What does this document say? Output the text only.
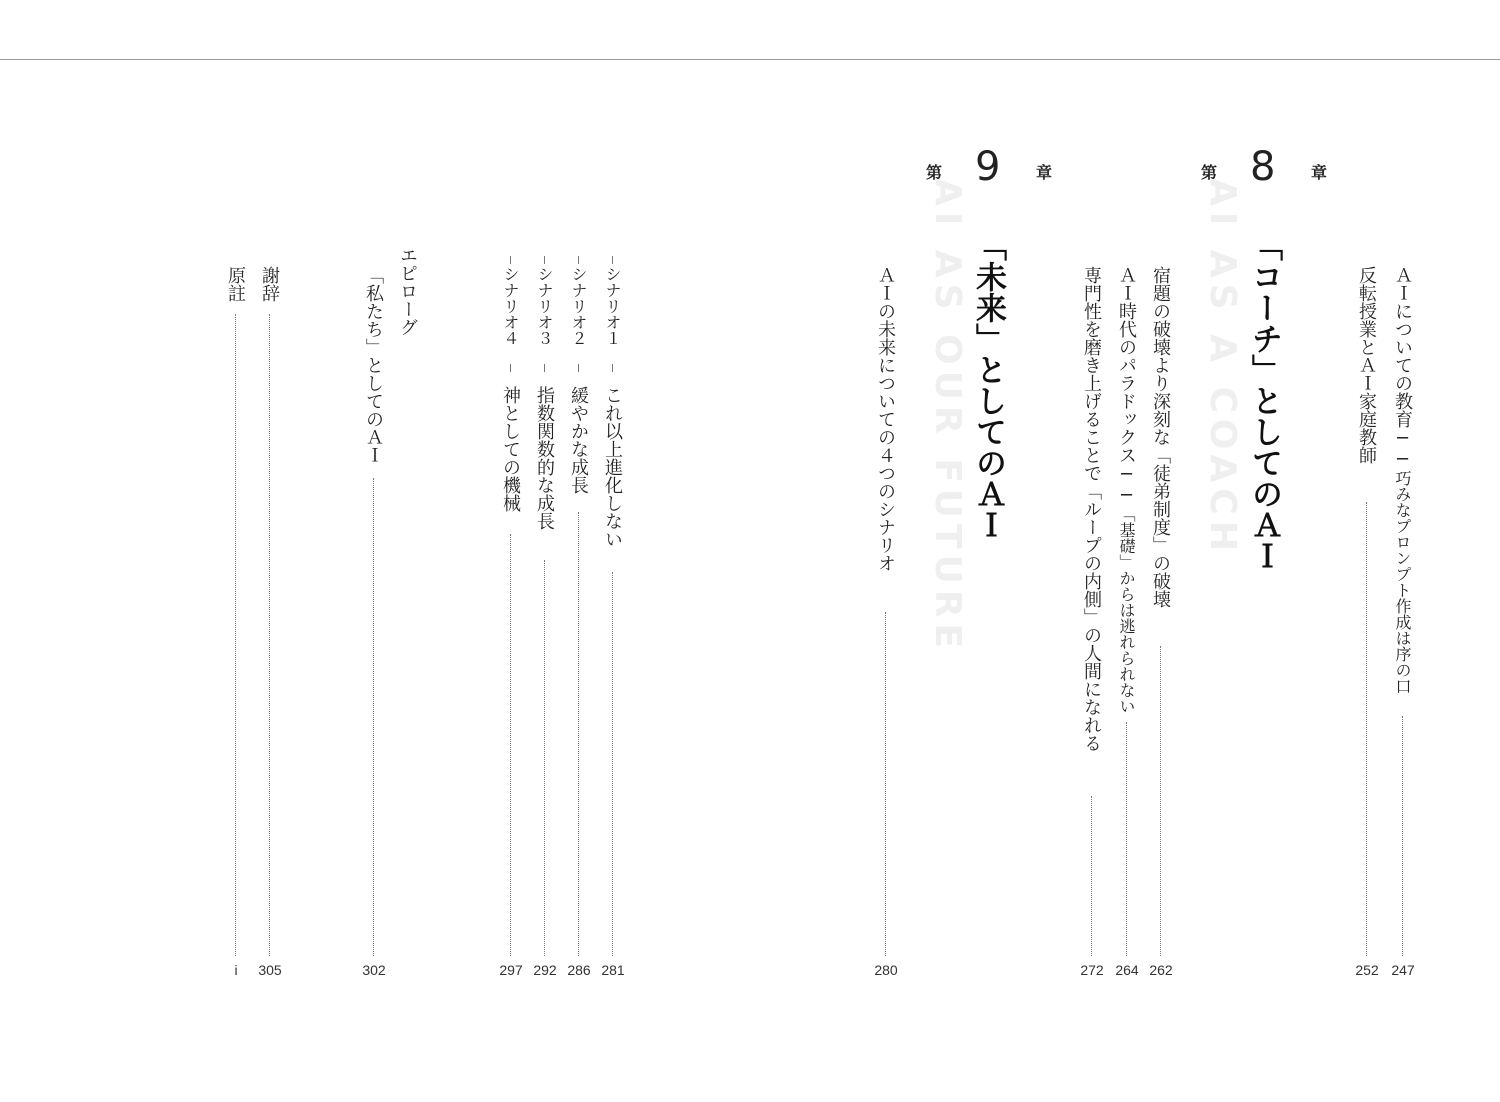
AI AS A COACH
第 8 章
「コーチ」としてのＡＩ	ＡＩについての教育──巧みなプロンプト作成は序の口
247
反転授業とＡＩ家庭教師
252
宿題の破壊より深刻な「徒弟制度」の破壊
262
ＡＩ時代のパラドックス──「基礎」からは逃れられない
264
専門性を磨き上げることで「ループの内側」の人間になれる
272
AI AS OUR FUTURE
第 9 章
「未来」としてのＡＩ
ＡＩの未来についての４つのシナリオ
280
シナリオ１
これ以上進化しない
281
シナリオ２
緩やかな成長
286
シナリオ３
指数関数的な成長
292
シナリオ４
神としての機械
297
エピローグ
「私たち」としてのＡＩ
302
謝辞
305
原註
i
